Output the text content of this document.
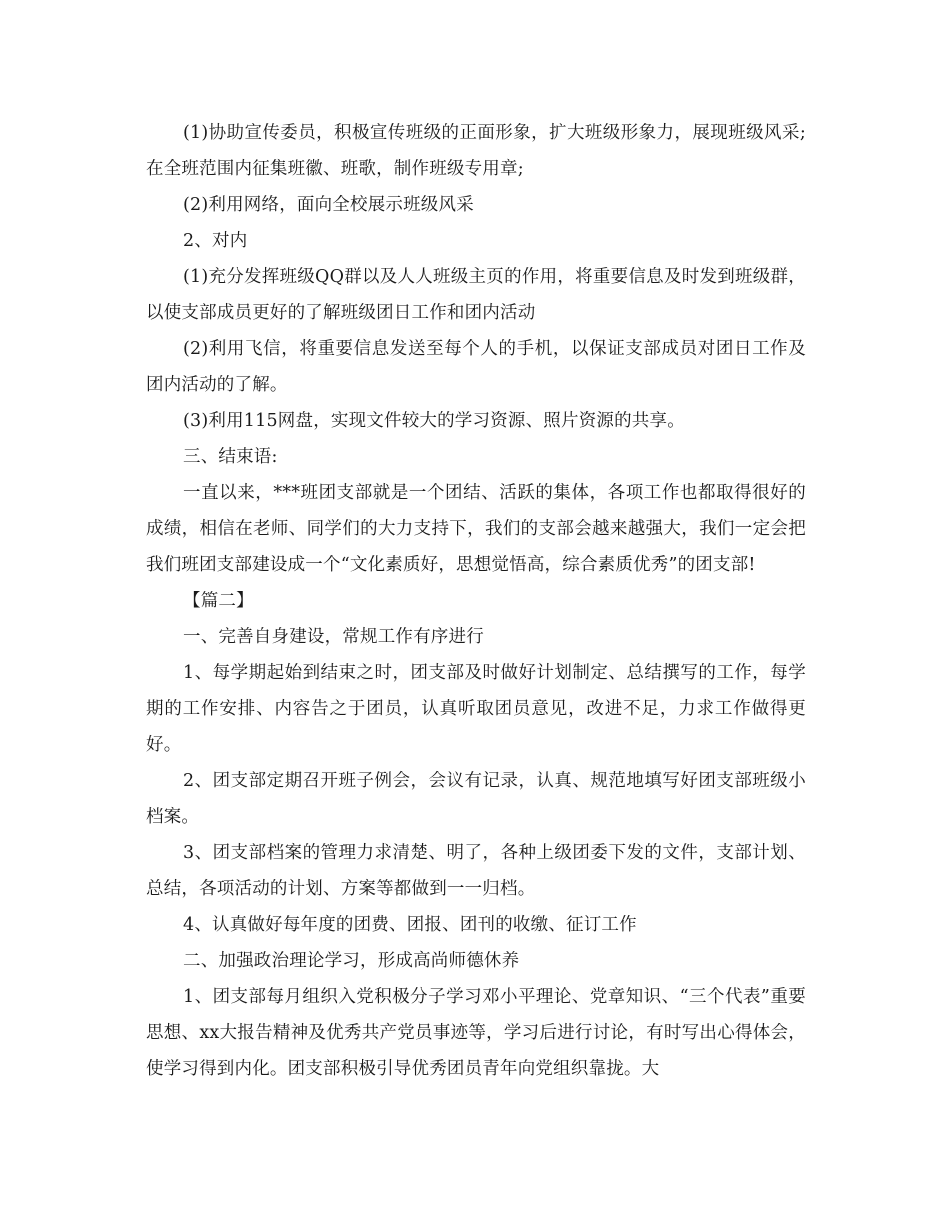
(1)协助宣传委员，积极宣传班级的正面形象，扩大班级形象力，展现班级风采;在全班范围内征集班徽、班歌，制作班级专用章;

(2)利用网络，面向全校展示班级风采

2、对内

(1)充分发挥班级QQ群以及人人班级主页的作用，将重要信息及时发到班级群，以使支部成员更好的了解班级团日工作和团内活动

(2)利用飞信，将重要信息发送至每个人的手机，以保证支部成员对团日工作及团内活动的了解。

(3)利用115网盘，实现文件较大的学习资源、照片资源的共享。

三、结束语:

一直以来，***班团支部就是一个团结、活跃的集体，各项工作也都取得很好的成绩，相信在老师、同学们的大力支持下，我们的支部会越来越强大，我们一定会把我们班团支部建设成一个“文化素质好，思想觉悟高，综合素质优秀”的团支部!

【篇二】

一、完善自身建设，常规工作有序进行

1、每学期起始到结束之时，团支部及时做好计划制定、总结撰写的工作，每学期的工作安排、内容告之于团员，认真听取团员意见，改进不足，力求工作做得更好。

2、团支部定期召开班子例会，会议有记录，认真、规范地填写好团支部班级小档案。

3、团支部档案的管理力求清楚、明了，各种上级团委下发的文件，支部计划、总结，各项活动的计划、方案等都做到一一归档。

4、认真做好每年度的团费、团报、团刊的收缴、征订工作

二、加强政治理论学习，形成高尚师德休养

1、团支部每月组织入党积极分子学习邓小平理论、党章知识、“三个代表”重要思想、xx大报告精神及优秀共产党员事迹等，学习后进行讨论，有时写出心得体会，使学习得到内化。团支部积极引导优秀团员青年向党组织靠拢。大
